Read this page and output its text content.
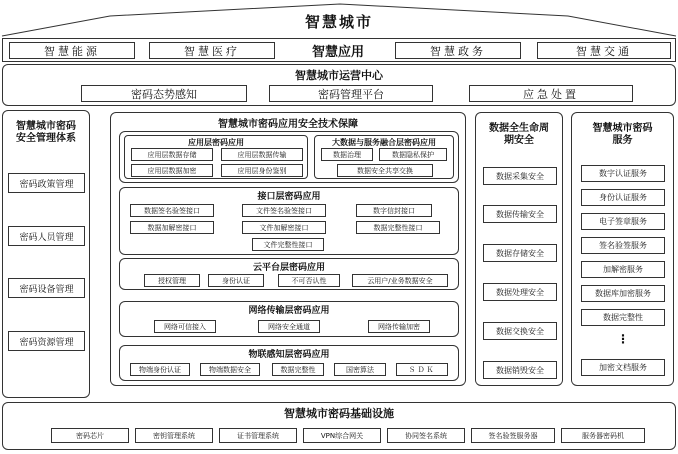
智慧城市
智慧能源	智慧医疗	智慧应用	智慧政务	智慧交通
智慧城市运营中心
密码态势感知	密码管理平台	应急处置
智慧城市密码
安全管理体系
密码政策管理
密码人员管理
密码设备管理
密码资源管理
智慧城市密码应用安全技术保障
应用层密码应用
应用层数据存储	应用层数据传输
应用层数据加密	应用层身份鉴别
大数据与服务融合层密码应用
数据治理	数据隐私保护
数据安全共享交换
接口层密码应用
数据签名验签接口	文件签名验签接口	数字信封接口
数据加解密接口	文件加解密接口	数据完整性接口
文件完整性接口
云平台层密码应用
授权管理	身份认证	不可否认性	云用户/业务数据安全
网络传输层密码应用
网络可信接入	网络安全通道	网络传输加密
物联感知层密码应用
物端身份认证	物端数据安全	数据完整性	国密算法	ＳＤＫ
数据全生命周
期安全
数据采集安全
数据传输安全
数据存储安全
数据处理安全
数据交换安全
数据销毁安全
智慧城市密码
服务
数字认证服务
身份认证服务
电子签章服务
签名验签服务
加解密服务
数据库加密服务
数据完整性
⋮
加密文档服务
智慧城市密码基础设施
密码芯片	密钥管理系统	证书管理系统	VPN综合网关	协同签名系统	签名验签服务器	服务器密码机
